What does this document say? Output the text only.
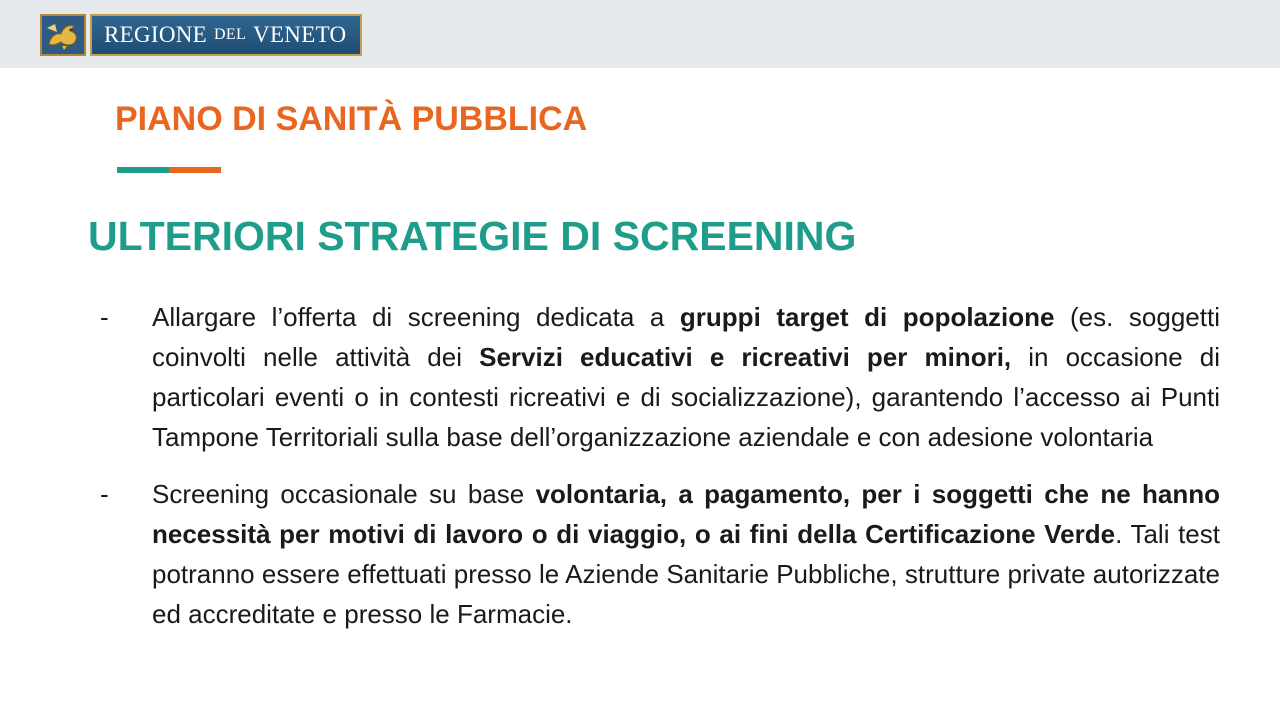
REGIONE DEL VENETO
PIANO DI SANITÀ PUBBLICA
ULTERIORI STRATEGIE DI SCREENING
- Allargare l’offerta di screening dedicata a gruppi target di popolazione (es. soggetti coinvolti nelle attività dei Servizi educativi e ricreativi per minori, in occasione di particolari eventi o in contesti ricreativi e di socializzazione), garantendo l’accesso ai Punti Tampone Territoriali sulla base dell’organizzazione aziendale e con adesione volontaria
- Screening occasionale su base volontaria, a pagamento, per i soggetti che ne hanno necessità per motivi di lavoro o di viaggio, o ai fini della Certificazione Verde. Tali test potranno essere effettuati presso le Aziende Sanitarie Pubbliche, strutture private autorizzate ed accreditate e presso le Farmacie.
